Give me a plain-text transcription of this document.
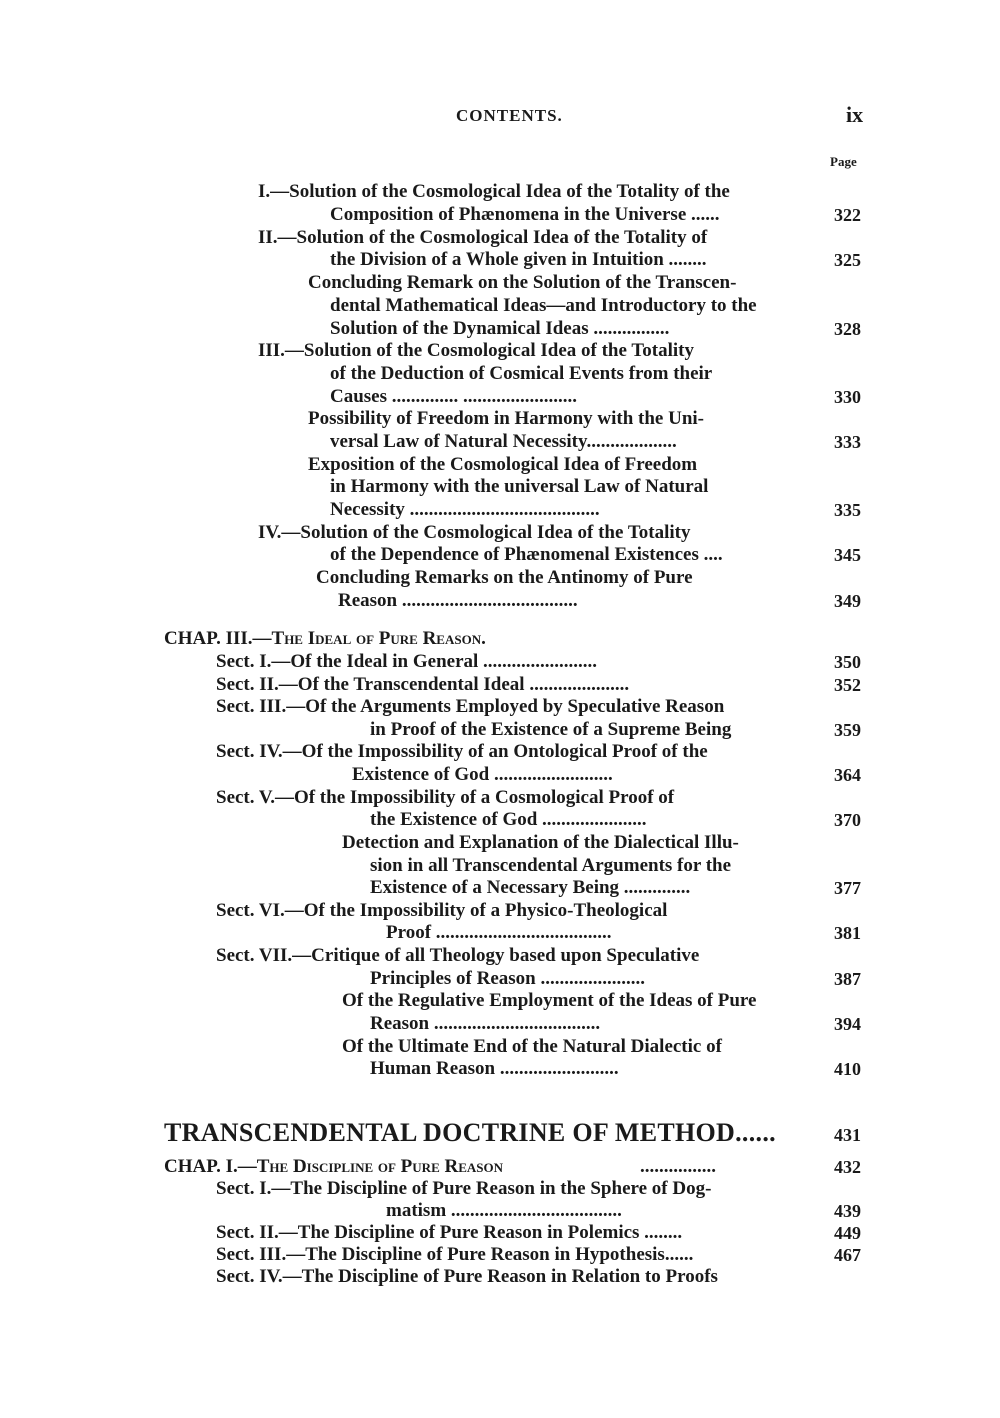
CONTENTS.	ix
Page
I.—Solution of the Cosmological Idea of the Totality of the
Composition of Phænomena in the Universe ......	322
II.—Solution of the Cosmological Idea of the Totality of
the Division of a Whole given in Intuition ........	325
Concluding Remark on the Solution of the Transcen-
dental Mathematical Ideas—and Introductory to the
Solution of the Dynamical Ideas ................	328
III.—Solution of the Cosmological Idea of the Totality
of the Deduction of Cosmical Events from their
Causes .............. ........................	330
Possibility of Freedom in Harmony with the Uni-
versal Law of Natural Necessity...................	333
Exposition of the Cosmological Idea of Freedom
in Harmony with the universal Law of Natural
Necessity ........................................	335
IV.—Solution of the Cosmological Idea of the Totality
of the Dependence of Phænomenal Existences ....	345
Concluding Remarks on the Antinomy of Pure
Reason .....................................	349
CHAP. III.—The Ideal of Pure Reason.
Sect. I.—Of the Ideal in General ........................	350
Sect. II.—Of the Transcendental Ideal .....................	352
Sect. III.—Of the Arguments Employed by Speculative Reason
in Proof of the Existence of a Supreme Being	359
Sect. IV.—Of the Impossibility of an Ontological Proof of the
Existence of God .........................	364
Sect. V.—Of the Impossibility of a Cosmological Proof of
the Existence of God ......................	370
Detection and Explanation of the Dialectical Illu-
sion in all Transcendental Arguments for the
Existence of a Necessary Being ..............	377
Sect. VI.—Of the Impossibility of a Physico-Theological
Proof .....................................	381
Sect. VII.—Critique of all Theology based upon Speculative
Principles of Reason ......................	387
Of the Regulative Employment of the Ideas of Pure
Reason ...................................	394
Of the Ultimate End of the Natural Dialectic of
Human Reason .........................	410
TRANSCENDENTAL DOCTRINE OF METHOD......	431
CHAP. I.—The Discipline of Pure Reason	................	432
Sect. I.—The Discipline of Pure Reason in the Sphere of Dog-
matism ....................................	439
Sect. II.—The Discipline of Pure Reason in Polemics ........	449
Sect. III.—The Discipline of Pure Reason in Hypothesis......	467
Sect. IV.—The Discipline of Pure Reason in Relation to Proofs
